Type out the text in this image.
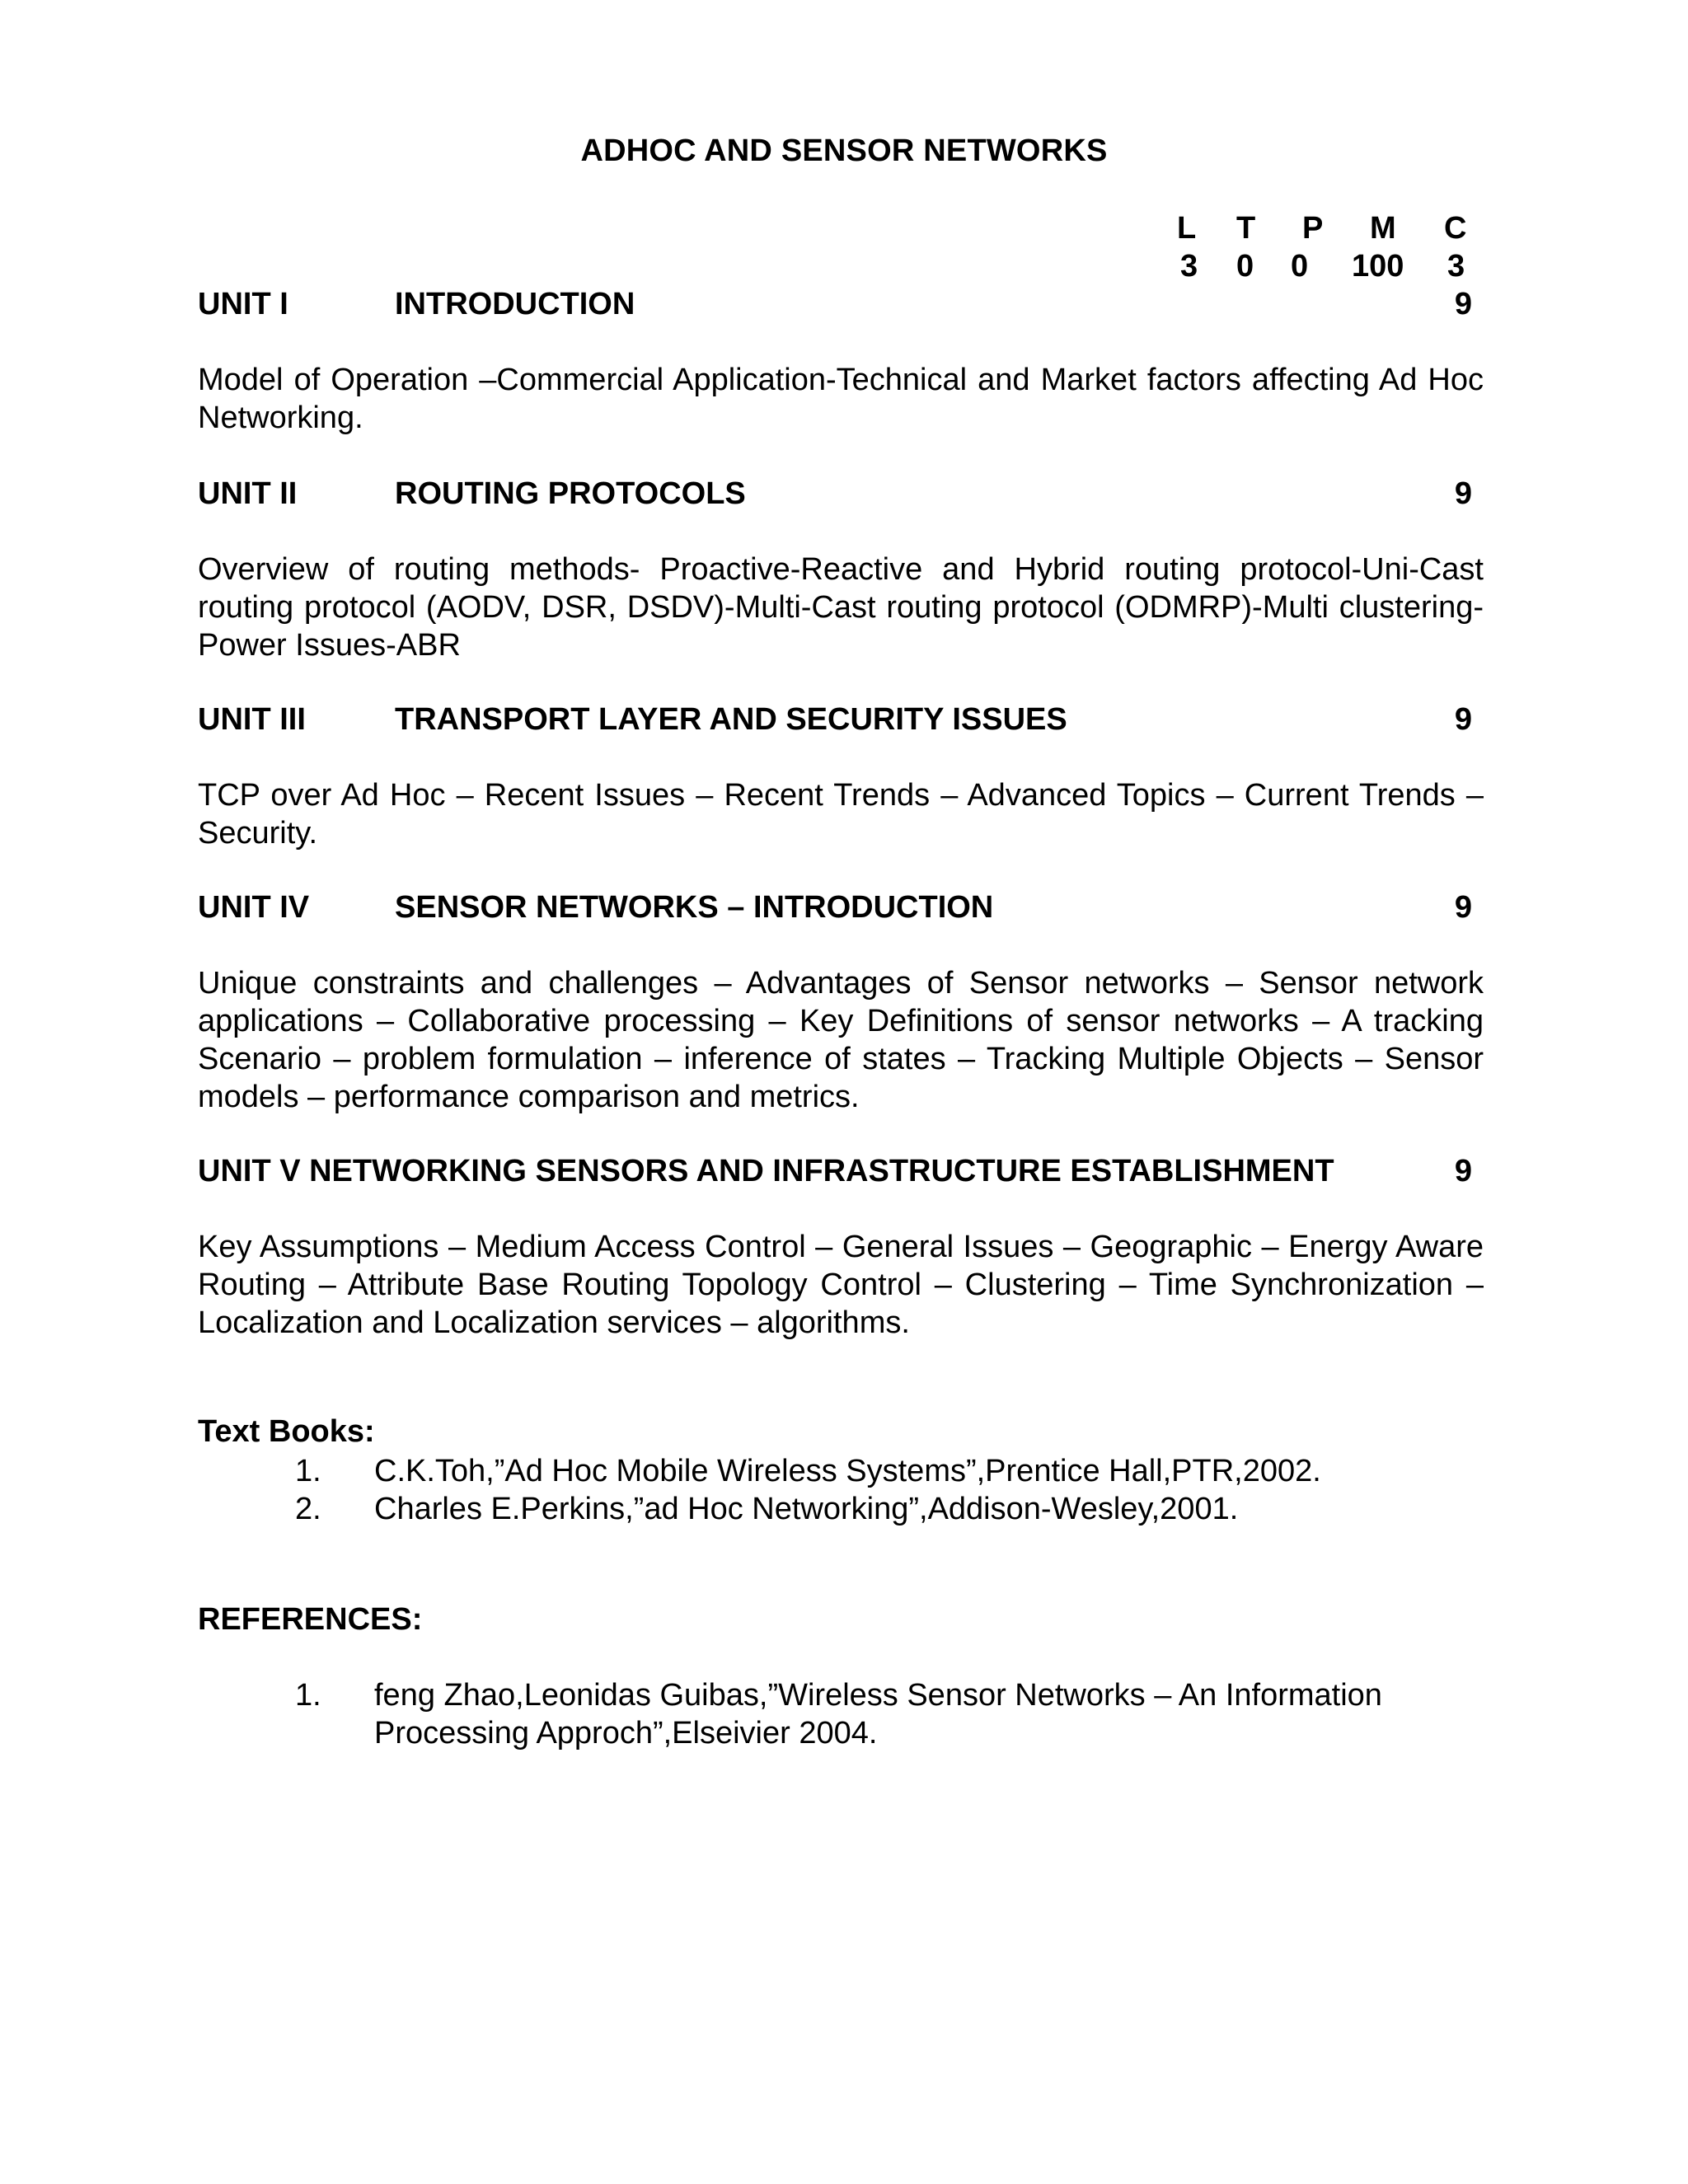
ADHOC AND SENSOR NETWORKS
L T P M C
3 0 0 100 3
UNIT I	INTRODUCTION	9
Model of Operation –Commercial Application-Technical and Market factors affecting Ad Hoc Networking.
UNIT II	ROUTING PROTOCOLS	9
Overview of routing methods- Proactive-Reactive and Hybrid routing protocol-Uni-Cast routing protocol (AODV, DSR, DSDV)-Multi-Cast routing protocol (ODMRP)-Multi clustering-Power Issues-ABR
UNIT III	TRANSPORT LAYER AND SECURITY ISSUES	9
TCP over Ad Hoc – Recent Issues – Recent Trends – Advanced Topics – Current Trends – Security.
UNIT IV	SENSOR NETWORKS – INTRODUCTION	9
Unique constraints and challenges – Advantages of Sensor networks – Sensor network applications – Collaborative processing – Key Definitions of sensor networks – A tracking Scenario – problem formulation – inference of states – Tracking Multiple Objects – Sensor models – performance comparison and metrics.
UNIT V NETWORKING SENSORS AND INFRASTRUCTURE ESTABLISHMENT	9
Key Assumptions – Medium Access Control – General Issues – Geographic – Energy Aware Routing – Attribute Base Routing Topology Control – Clustering – Time Synchronization – Localization and Localization services – algorithms.
Text Books:
1. C.K.Toh,”Ad Hoc Mobile Wireless Systems”,Prentice Hall,PTR,2002.
2. Charles E.Perkins,”ad Hoc Networking”,Addison-Wesley,2001.
REFERENCES:
1. feng Zhao,Leonidas Guibas,”Wireless Sensor Networks – An Information Processing Approch”,Elseivier 2004.
